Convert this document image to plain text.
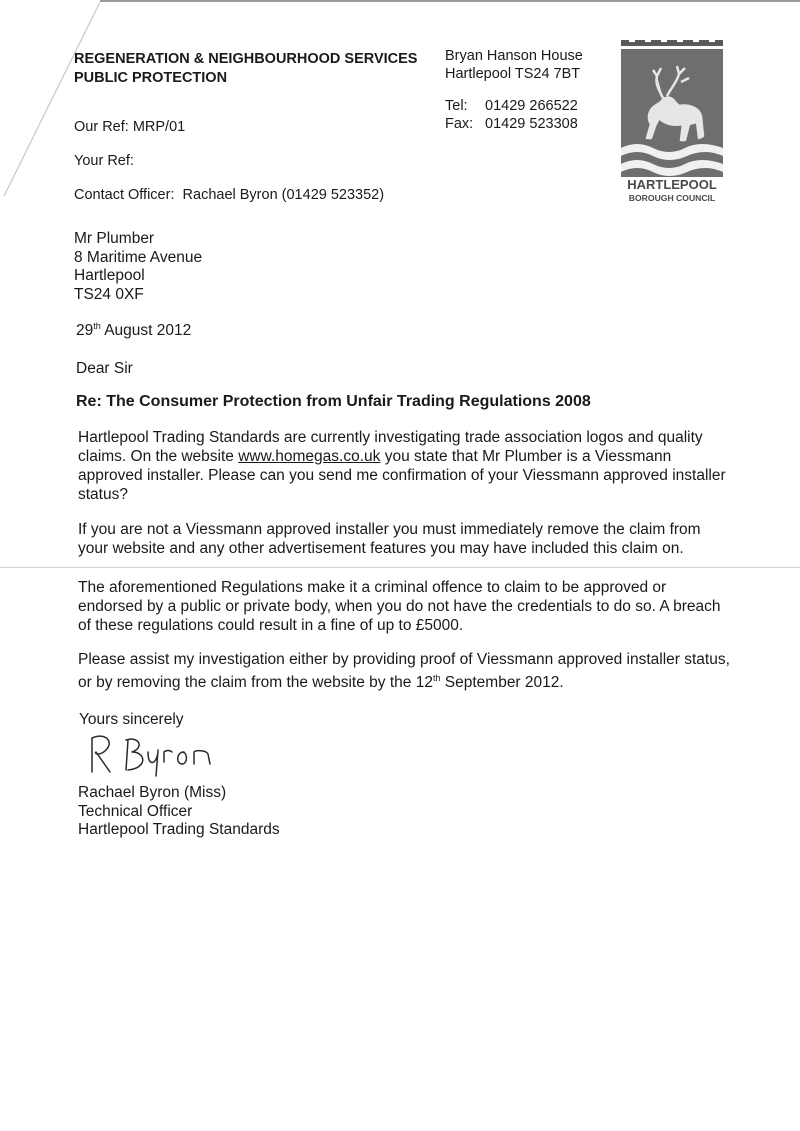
REGENERATION & NEIGHBOURHOOD SERVICES
PUBLIC PROTECTION
Bryan Hanson House
Hartlepool TS24 7BT
Tel: 01429 266522
Fax: 01429 523308
HARTLEPOOL
BOROUGH COUNCIL
Our Ref: MRP/01
Your Ref:
Contact Officer: Rachael Byron (01429 523352)
Mr Plumber
8 Maritime Avenue
Hartlepool
TS24 0XF
29th August 2012
Dear Sir
Re: The Consumer Protection from Unfair Trading Regulations 2008
Hartlepool Trading Standards are currently investigating trade association logos and quality claims. On the website www.homegas.co.uk you state that Mr Plumber is a Viessmann approved installer. Please can you send me confirmation of your Viessmann approved installer status?
If you are not a Viessmann approved installer you must immediately remove the claim from your website and any other advertisement features you may have included this claim on.
The aforementioned Regulations make it a criminal offence to claim to be approved or endorsed by a public or private body, when you do not have the credentials to do so. A breach of these regulations could result in a fine of up to £5000.
Please assist my investigation either by providing proof of Viessmann approved installer status, or by removing the claim from the website by the 12th September 2012.
Yours sincerely
Rachael Byron (Miss)
Technical Officer
Hartlepool Trading Standards
